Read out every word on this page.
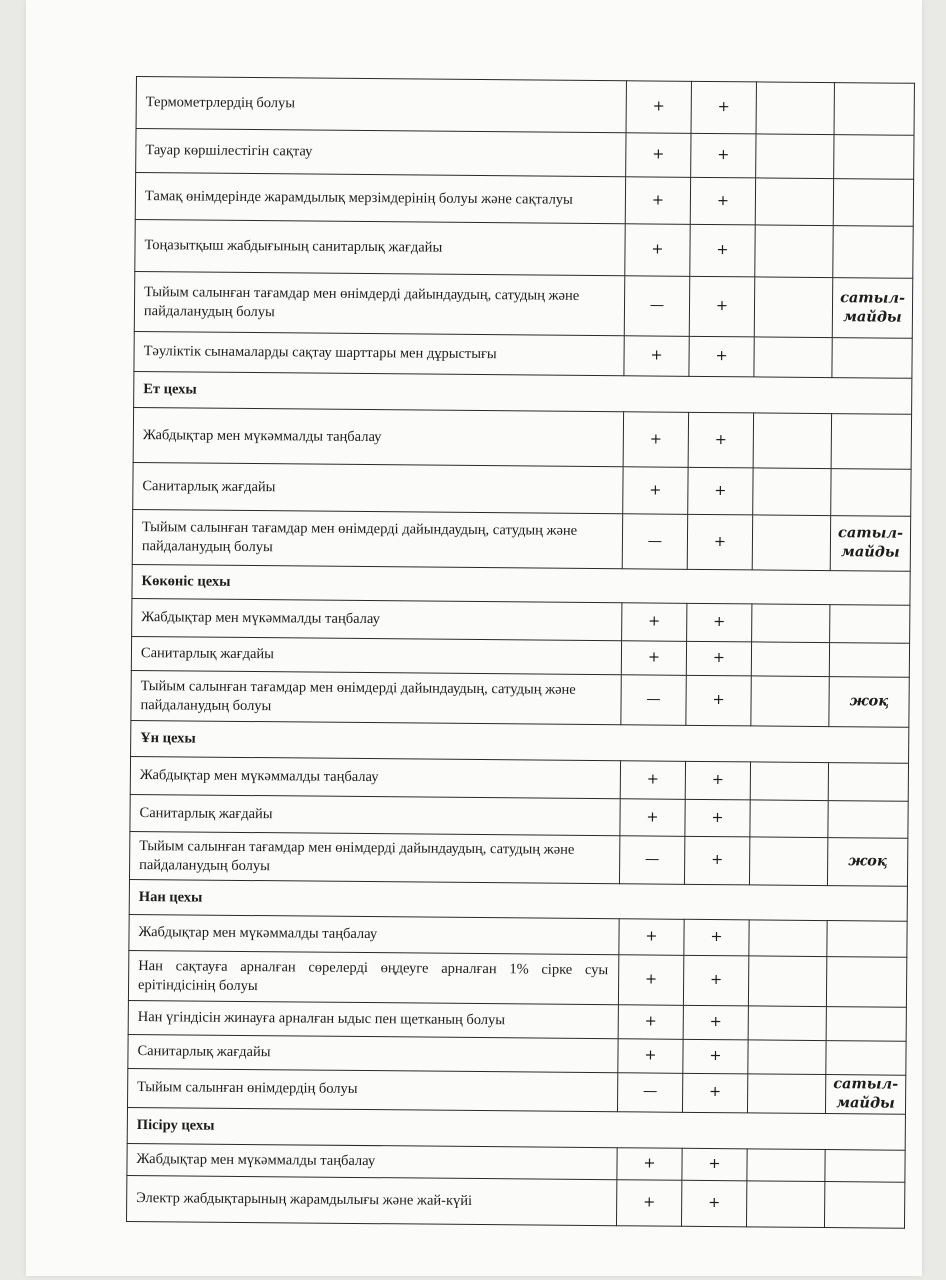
Термометрлердің болуы	+	+		
Тауар көршілестігін сақтау	+	+		
Тамақ өнімдерінде жарамдылық мерзімдерінің болуы және сақталуы	+	+		
Тоңазытқыш жабдығының санитарлық жағдайы	+	+		
Тыйым салынған тағамдар мен өнімдерді дайындаудың, сатудың және пайдаланудың болуы	—	+		сатыл-майды
Тәуліктік сынамаларды сақтау шарттары мен дұрыстығы	+	+		
Ет цехы				
Жабдықтар мен мүкәммалды таңбалау	+	+		
Санитарлық жағдайы	+	+		
Тыйым салынған тағамдар мен өнімдерді дайындаудың, сатудың және пайдаланудың болуы	—	+		сатыл-майды
Көкөніс цехы				
Жабдықтар мен мүкәммалды таңбалау	+	+		
Санитарлық жағдайы	+	+		
Тыйым салынған тағамдар мен өнімдерді дайындаудың, сатудың және пайдаланудың болуы	—	+		жоқ
Ұн цехы				
Жабдықтар мен мүкәммалды таңбалау	+	+		
Санитарлық жағдайы	+	+		
Тыйым салынған тағамдар мен өнімдерді дайындаудың, сатудың және пайдаланудың болуы	—	+		жоқ
Нан цехы				
Жабдықтар мен мүкәммалды таңбалау	+	+		
Нан сақтауға арналған сөрелерді өңдеуге арналған 1% сірке суы ерітіндісінің болуы	+	+		
Нан үгіндісін жинауға арналған ыдыс пен щетканың болуы	+	+		
Санитарлық жағдайы	+	+		
Тыйым салынған өнімдердің болуы	—	+		сатыл-майды
Пісіру цехы				
Жабдықтар мен мүкәммалды таңбалау	+	+		
Электр жабдықтарының жарамдылығы және жай-күйі	+	+		
